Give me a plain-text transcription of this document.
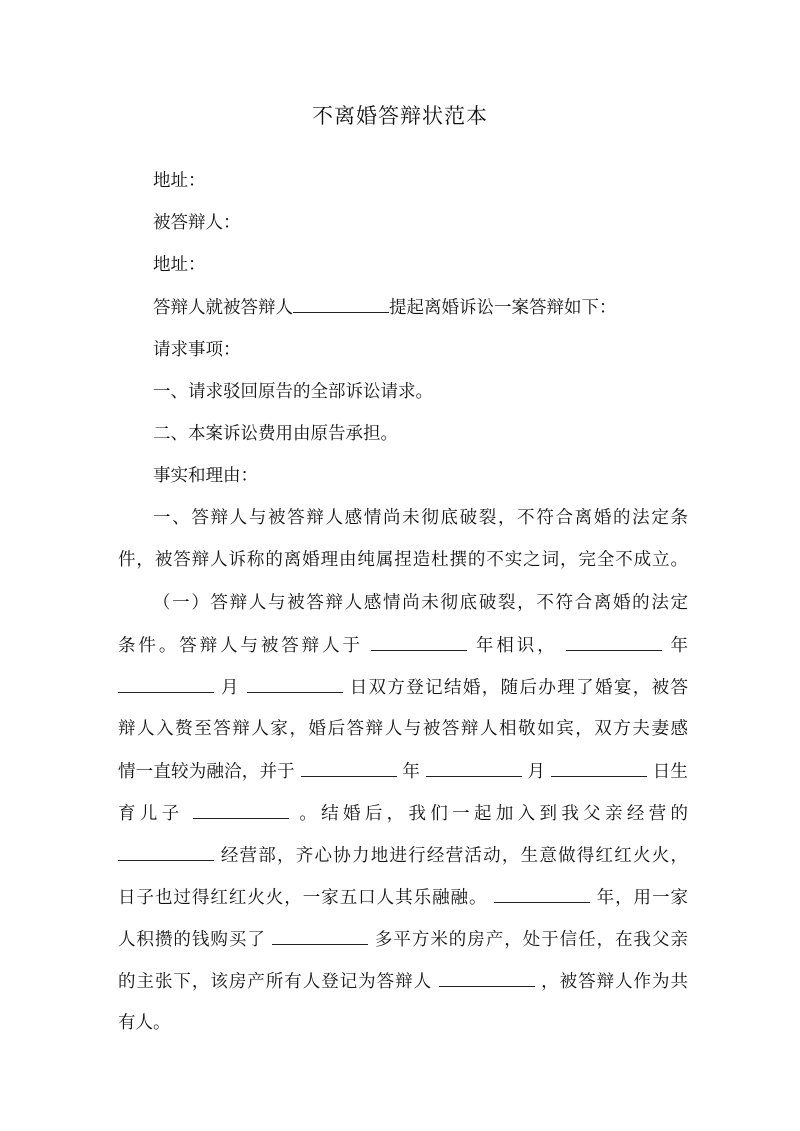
不离婚答辩状范本

地址：

被答辩人：

地址：

答辩人就被答辩人	提起离婚诉讼一案答辩如下：

请求事项：

一、请求驳回原告的全部诉讼请求。

二、本案诉讼费用由原告承担。

事实和理由：

一、答辩人与被答辩人感情尚未彻底破裂，不符合离婚的法定条

件，被答辩人诉称的离婚理由纯属捏造杜撰的不实之词，完全不成立。

（一）答辩人与被答辩人感情尚未彻底破裂，不符合离婚的法定

条件。答辩人与被答辩人于	年相识，	年

月	日双方登记结婚，随后办理了婚宴，被答

辩人入赘至答辩人家，婚后答辩人与被答辩人相敬如宾，双方夫妻感

情一直较为融洽，并于	年	月	日生

育儿子	。结婚后，我们一起加入到我父亲经营的

经营部，齐心协力地进行经营活动，生意做得红红火火，

日子也过得红红火火，一家五口人其乐融融。	年，用一家

人积攒的钱购买了	多平方米的房产，处于信任，在我父亲

的主张下，该房产所有人登记为答辩人	，被答辩人作为共

有人。
